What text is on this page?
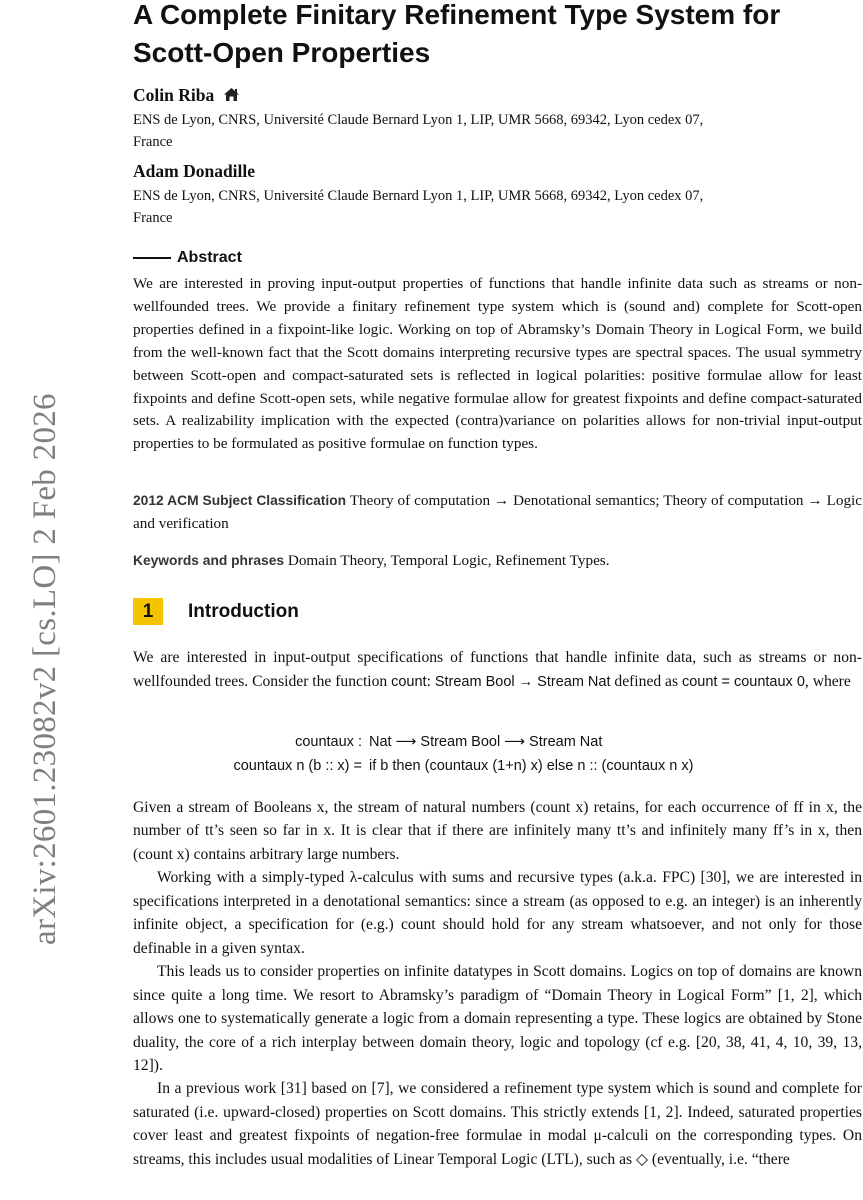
arXiv:2601.23082v2 [cs.LO] 2 Feb 2026
A Complete Finitary Refinement Type System for
Scott-Open Properties
Colin Riba
ENS de Lyon, CNRS, Université Claude Bernard Lyon 1, LIP, UMR 5668, 69342, Lyon cedex 07,
France
Adam Donadille
ENS de Lyon, CNRS, Université Claude Bernard Lyon 1, LIP, UMR 5668, 69342, Lyon cedex 07,
France
Abstract

We are interested in proving input-output properties of functions that handle infinite data such as streams or non-wellfounded trees. We provide a finitary refinement type system which is (sound and) complete for Scott-open properties defined in a fixpoint-like logic. Working on top of Abramsky’s Domain Theory in Logical Form, we build from the well-known fact that the Scott domains interpreting recursive types are spectral spaces. The usual symmetry between Scott-open and compact-saturated sets is reflected in logical polarities: positive formulae allow for least fixpoints and define Scott-open sets, while negative formulae allow for greatest fixpoints and define compact-saturated sets. A realizability implication with the expected (contra)variance on polarities allows for non-trivial input-output properties to be formulated as positive formulae on function types.

2012 ACM Subject Classification Theory of computation → Denotational semantics; Theory of computation → Logic and verification

Keywords and phrases Domain Theory, Temporal Logic, Refinement Types.

1	Introduction

We are interested in input-output specifications of functions that handle infinite data, such as streams or non-wellfounded trees. Consider the function count: Stream Bool → Stream Nat defined as count = countaux 0, where

countaux : Nat ⟶ Stream Bool ⟶ Stream Nat
countaux n (b :: x) = if b then (countaux (1+n) x) else n :: (countaux n x)

Given a stream of Booleans x, the stream of natural numbers (count x) retains, for each occurrence of ff in x, the number of tt’s seen so far in x. It is clear that if there are infinitely many tt’s and infinitely many ff’s in x, then (count x) contains arbitrary large numbers.

Working with a simply-typed λ-calculus with sums and recursive types (a.k.a. FPC) [30], we are interested in specifications interpreted in a denotational semantics: since a stream (as opposed to e.g. an integer) is an inherently infinite object, a specification for (e.g.) count should hold for any stream whatsoever, and not only for those definable in a given syntax.

This leads us to consider properties on infinite datatypes in Scott domains. Logics on top of domains are known since quite a long time. We resort to Abramsky’s paradigm of “Domain Theory in Logical Form” [1, 2], which allows one to systematically generate a logic from a domain representing a type. These logics are obtained by Stone duality, the core of a rich interplay between domain theory, logic and topology (cf e.g. [20, 38, 41, 4, 10, 39, 13, 12]).

In a previous work [31] based on [7], we considered a refinement type system which is sound and complete for saturated (i.e. upward-closed) properties on Scott domains. This strictly extends [1, 2]. Indeed, saturated properties cover least and greatest fixpoints of negation-free formulae in modal μ-calculi on the corresponding types. On streams, this includes usual modalities of Linear Temporal Logic (LTL), such as ◇ (eventually, i.e. “there
